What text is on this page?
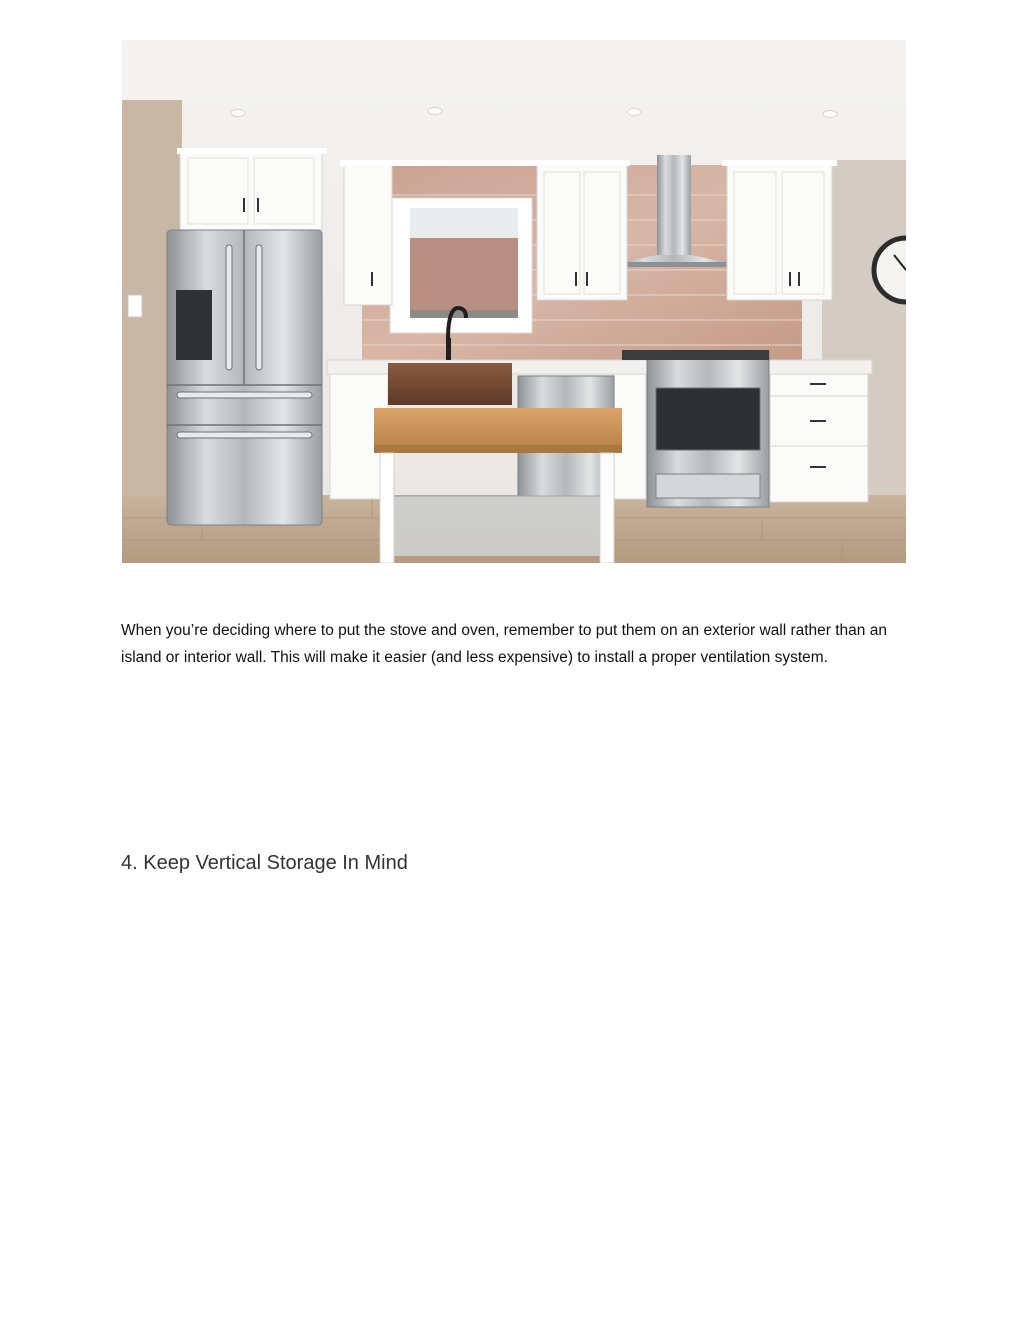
When you’re deciding where to put the stove and oven, remember to put them on an exterior wall rather than an island or interior wall. This will make it easier (and less expensive) to install a proper ventilation system.

4. Keep Vertical Storage In Mind
